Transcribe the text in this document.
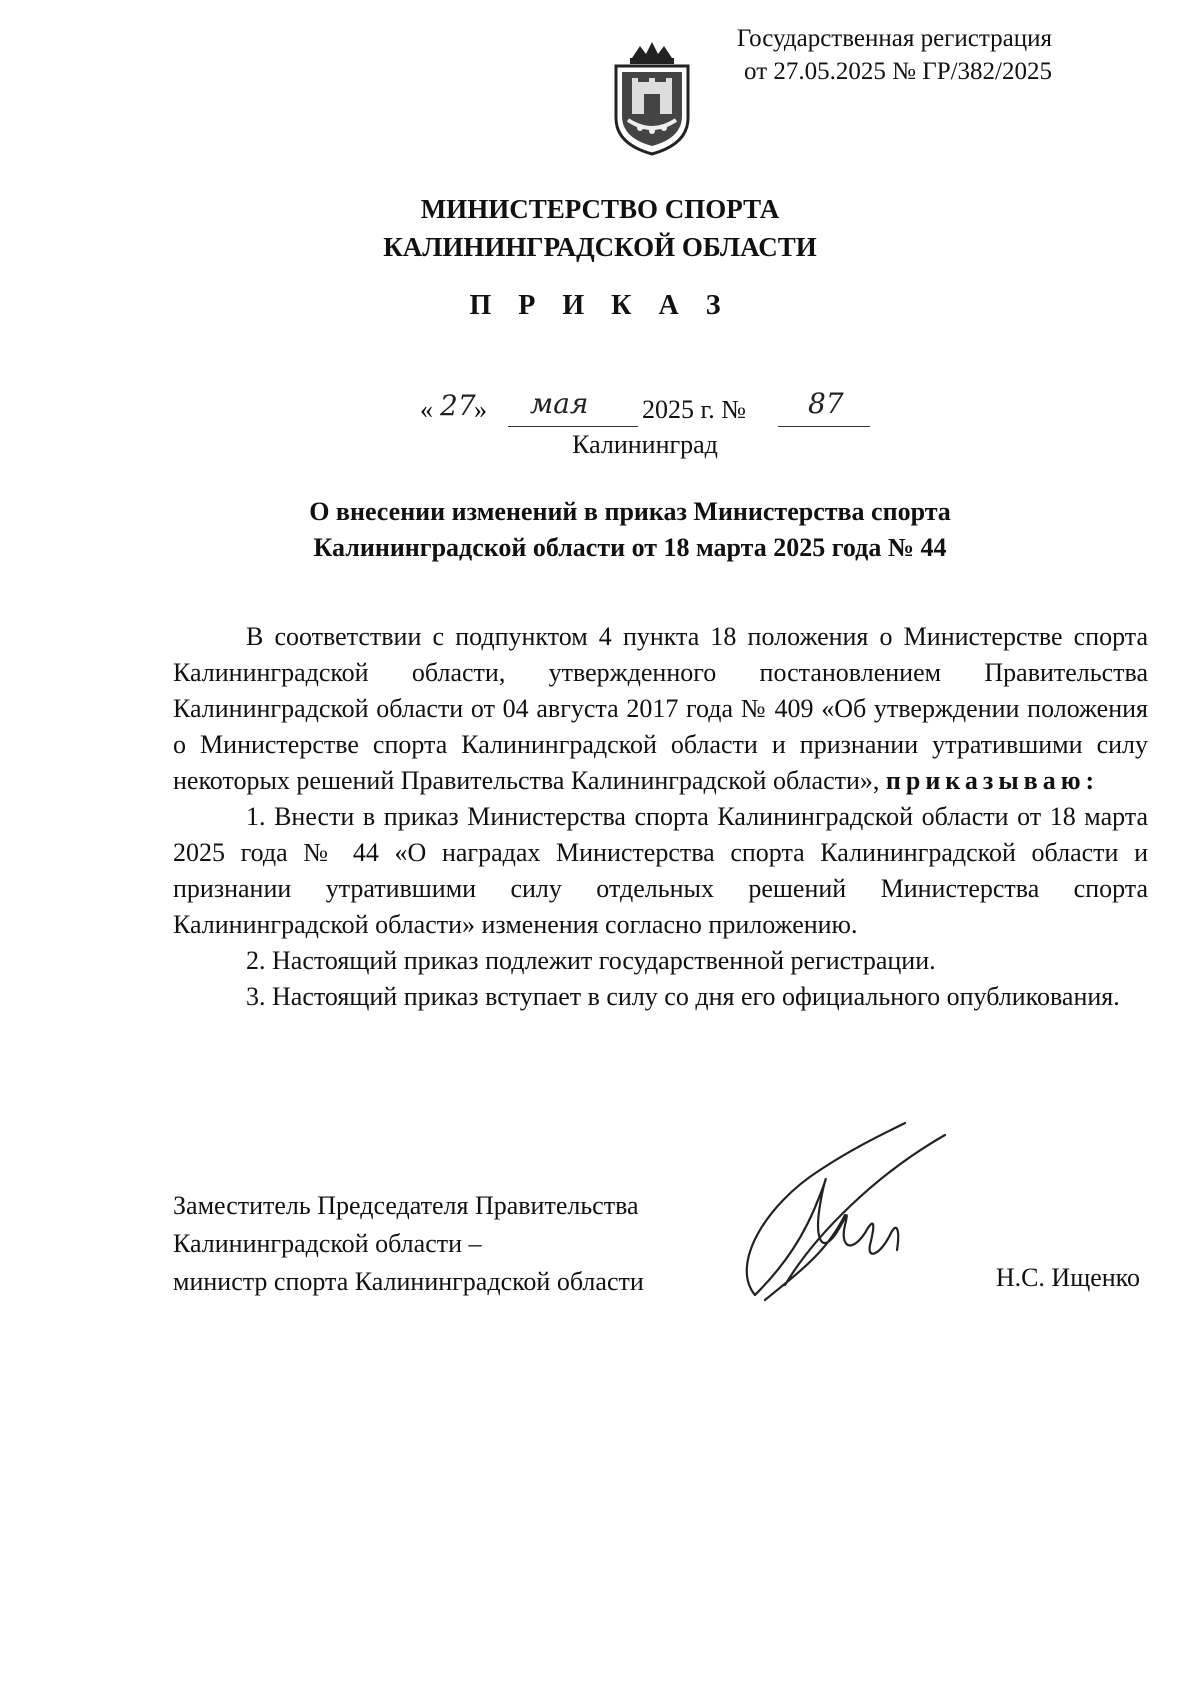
Государственная регистрация
от 27.05.2025 № ГР/382/2025
МИНИСТЕРСТВО СПОРТА
КАЛИНИНГРАДСКОЙ ОБЛАСТИ
П Р И К А З
« 27
» мая 2025 г. № 87
Калининград
О внесении изменений в приказ Министерства спорта
Калининградской области от 18 марта 2025 года № 44

В соответствии с подпунктом 4 пункта 18 положения о Министерстве спорта Калининградской области, утвержденного постановлением Правительства Калининградской области от 04 августа 2017 года № 409 «Об утверждении положения о Министерстве спорта Калининградской области и признании утратившими силу некоторых решений Правительства Калининградской области», приказываю:

1. Внести в приказ Министерства спорта Калининградской области от 18 марта 2025 года № 44 «О наградах Министерства спорта Калининградской области и признании утратившими силу отдельных решений Министерства спорта Калининградской области» изменения согласно приложению.

2. Настоящий приказ подлежит государственной регистрации.

3. Настоящий приказ вступает в силу со дня его официального опубликования.

Заместитель Председателя Правительства
Калининградской области –
министр спорта Калининградской области	Н.С. Ищенко
